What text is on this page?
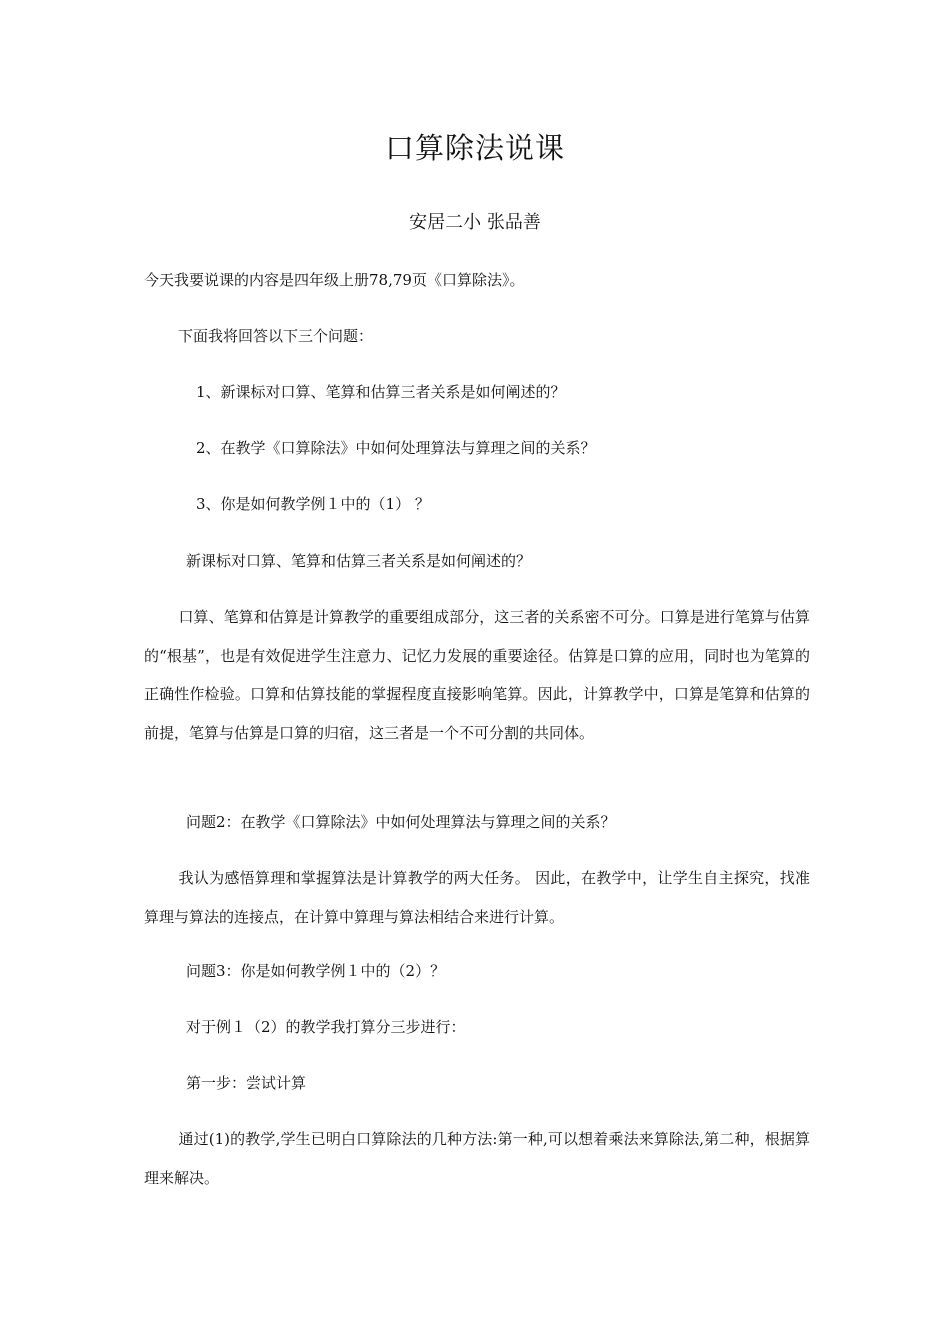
口算除法说课
安居二小 张品善
今天我要说课的内容是四年级上册78,79页《口算除法》。
下面我将回答以下三个问题：
1、新课标对口算、笔算和估算三者关系是如何阐述的？
2、在教学《口算除法》中如何处理算法与算理之间的关系？
3、你是如何教学例１中的（1） ？
新课标对口算、笔算和估算三者关系是如何阐述的？
口算、笔算和估算是计算教学的重要组成部分，这三者的关系密不可分。口算是进行笔算与估算的“根基”，也是有效促进学生注意力、记忆力发展的重要途径。估算是口算的应用，同时也为笔算的正确性作检验。口算和估算技能的掌握程度直接影响笔算。因此，计算教学中，口算是笔算和估算的前提，笔算与估算是口算的归宿，这三者是一个不可分割的共同体。
问题2：在教学《口算除法》中如何处理算法与算理之间的关系？
我认为感悟算理和掌握算法是计算教学的两大任务。 因此，在教学中，让学生自主探究，找准算理与算法的连接点，在计算中算理与算法相结合来进行计算。
问题3：你是如何教学例１中的（2）？
对于例１（2）的教学我打算分三步进行：
第一步：尝试计算
通过(1)的教学,学生已明白口算除法的几种方法:第一种,可以想着乘法来算除法,第二种，根据算理来解决。
